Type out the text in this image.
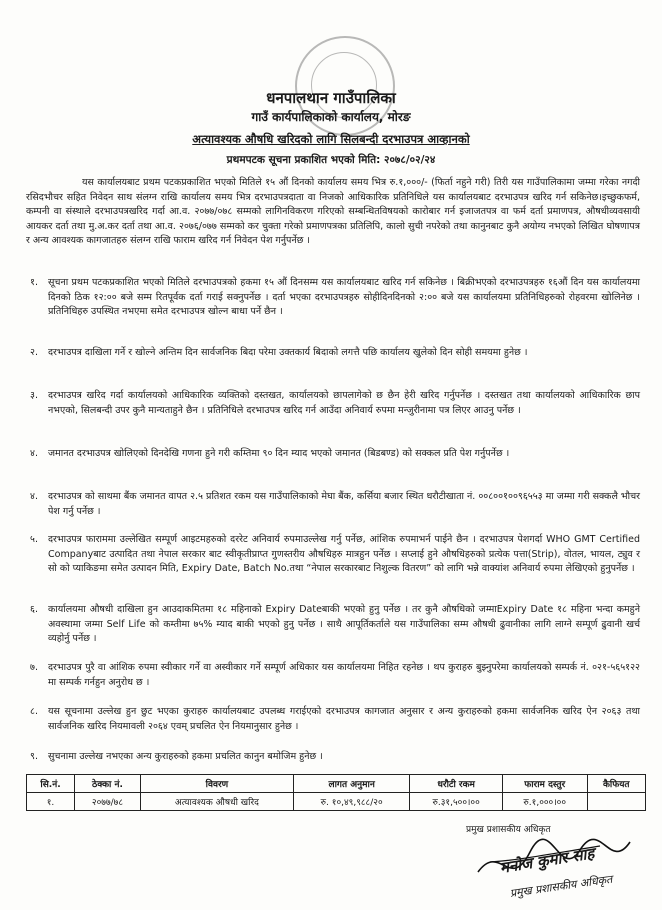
धनपालथान गाउँपालिका
गाउँ कार्यपालिकाको कार्यालय, मोरङ
अत्यावश्यक औषधि खरिदको लागि सिलबन्दी दरभाउपत्र आव्हानको
प्रथमपटक सूचना प्रकाशित भएको मिति: २०७८/०२/२४
यस कार्यालयबाट प्रथम पटकप्रकाशित भएको मितिले १५ औं दिनको कार्यालय समय भित्र रु.१,०००/- (फिर्ता नहुने गरी) तिरी यस गाउँपालिकामा जम्मा गरेका नगदी रसिदभौचर सहित निवेदन साथ संलग्न राखि कार्यालय समय भित्र दरभाउपत्रदाता वा निजको आधिकारिक प्रतिनिधिले यस कार्यालयबाट दरभाउपत्र खरिद गर्न सकिनेछ।इच्छुकफर्म, कम्पनी वा संस्थाले दरभाउपत्रखरिद गर्दा आ.व. २०७७/०७८ सम्मको लागिनविकरण गरिएको सम्बन्धितविषयको कारोबार गर्न इजाजतपत्र वा फर्म दर्ता प्रमाणपत्र, औषधीव्यवसायी आयकर दर्ता तथा मु.अ.कर दर्ता तथा आ.व. २०७६/०७७ सम्मको कर चुक्ता गरेको प्रमाणपत्रका प्रतिलिपि, कालो सुची नपरेको तथा कानुनबाट कुनै अयोग्य नभएको लिखित घोषणापत्र र अन्य आवश्यक कागजातहरु संलग्न राखि फाराम खरिद गर्न निवेदन पेश गर्नुपर्नेछ ।
१. सूचना प्रथम पटकप्रकाशित भएको मितिले दरभाउपत्रको हकमा १५ औं दिनसम्म यस कार्यालयबाट खरिद गर्न सकिनेछ । बिक्रीभएको दरभाउपत्रहरु १६औं दिन यस कार्यालयमा दिनको ठिक १२:०० बजे सम्म रितपूर्वक दर्ता गराई सक्नुपर्नेछ । दर्ता भएका दरभाउपत्रहरु सोहीदिनदिनको २:०० बजे यस कार्यालयमा प्रतिनिधिहरुको रोहवरमा खोलिनेछ । प्रतिनिधिहरु उपस्थित नभएमा समेत दरभाउपत्र खोल्न बाधा पर्ने छैन ।
२. दरभाउपत्र दाखिला गर्ने र खोल्ने अन्तिम दिन सार्वजनिक बिदा परेमा उक्तकार्य बिदाको लगत्तै पछि कार्यालय खुलेको दिन सोही समयमा हुनेछ ।
३. दरभाउपत्र खरिद गर्दा कार्यालयको आधिकारिक व्यक्तिको दस्तखत, कार्यालयको छापलागेको छ छैन हेरी खरिद गर्नुपर्नेछ । दस्तखत तथा कार्यालयको आधिकारिक छाप नभएको, सिलबन्दी उपर कुनै मान्यताहुने छैन । प्रतिनिधिले दरभाउपत्र खरिद गर्न आउँदा अनिवार्य रुपमा मन्जुरीनामा पत्र लिएर आउनु पर्नेछ ।
४. जमानत दरभाउपत्र खोलिएको दिनदेखि गणना हुने गरी कम्तिमा ९० दिन म्याद भएको जमानत (बिडबण्ड) को सक्कल प्रति पेश गर्नुपर्नेछ ।
४. दरभाउपत्र को साथमा बैंक जमानत वापत २.५ प्रतिशत रकम यस गाउँपालिकाको मेघा बैंक, कर्सिया बजार स्थित धरौटीखाता नं. ००८००१००९६५५३ मा जम्मा गरी सक्कलै भौचर पेश गर्नु पर्नेछ ।
५. दरभाउपत्र फाराममा उल्लेखित सम्पूर्ण आइटमहरुको दररेट अनिवार्य रुपमाउल्लेख गर्नु पर्नेछ, आंशिक रुपमाभर्न पाईने छैन । दरभाउपत्र पेशगर्दा WHO GMT Certified Companyबाट उत्पादित तथा नेपाल सरकार बाट स्वीकृतीप्राप्त गुणस्तरीय औषधिहरु मात्रहुन पर्नेछ । सप्लाई हुने औषधिहरुको प्रत्येक पत्ता(Strip), वोतल, भायल, ट्युव र सो को प्याकिङमा समेत उत्पादन मिति, Expiry Date, Batch No.तथा “नेपाल सरकारबाट निशुल्क वितरण” को लागि भन्ने वाक्यांश अनिवार्य रुपमा लेखिएको हुनुपर्नेछ ।
६. कार्यालयमा औषधी दाखिला हुन आउदाकमितमा १८ महिनाको Expiry Dateबाकी भएको हुनु पर्नेछ । तर कुनै औषधिको जम्माExpiry Date १८ महिना भन्दा कमहुने अवस्थामा जम्मा Self Life को कम्तीमा ७५% म्याद बाकी भएको हुनु पर्नेछ । साथै आपूर्तिकर्ताले यस गाउँपालिका सम्म औषधी ढुवानीका लागि लाग्ने सम्पूर्ण ढुवानी खर्च व्यहोर्नु पर्नेछ ।
७. दरभाउपत्र पुरै वा आंशिक रुपमा स्वीकार गर्ने वा अस्वीकार गर्ने सम्पूर्ण अधिकार यस कार्यालयमा निहित रहनेछ । थप कुराहरु बुझ्नुपरेमा कार्यालयको सम्पर्क नं. ०२१-५६५१२२ मा सम्पर्क गर्नहुन अनुरोध छ ।
८. यस सूचनामा उल्लेख हुन छुट भएका कुराहरु कार्यालयबाट उपलब्ध गराईएको दरभाउपत्र कागजात अनुसार र अन्य कुराहरुको हकमा सार्वजनिक खरिद ऐन २०६३ तथा सार्वजनिक खरिद नियमावली २०६४ एवम् प्रचलित ऐन नियमानुसार हुनेछ ।
९. सुचनामा उल्लेख नभएका अन्य कुराहरुको हकमा प्रचलित कानुन बमोजिम हुनेछ ।
सि.नं.	ठेक्का नं.	विवरण	लागत अनुमान	धरौटी रकम	फाराम दस्तुर	कैफियत
१.	२०७७/७८	अत्यावश्यक औषधी खरिद	रु. १०,४९,९८८/२०	रु.३१,५००।००	रु.१,०००।००	
प्रमुख प्रशासकीय अधिकृत
मनोज कुमार साह
प्रमुख प्रशासकीय अधिकृत
